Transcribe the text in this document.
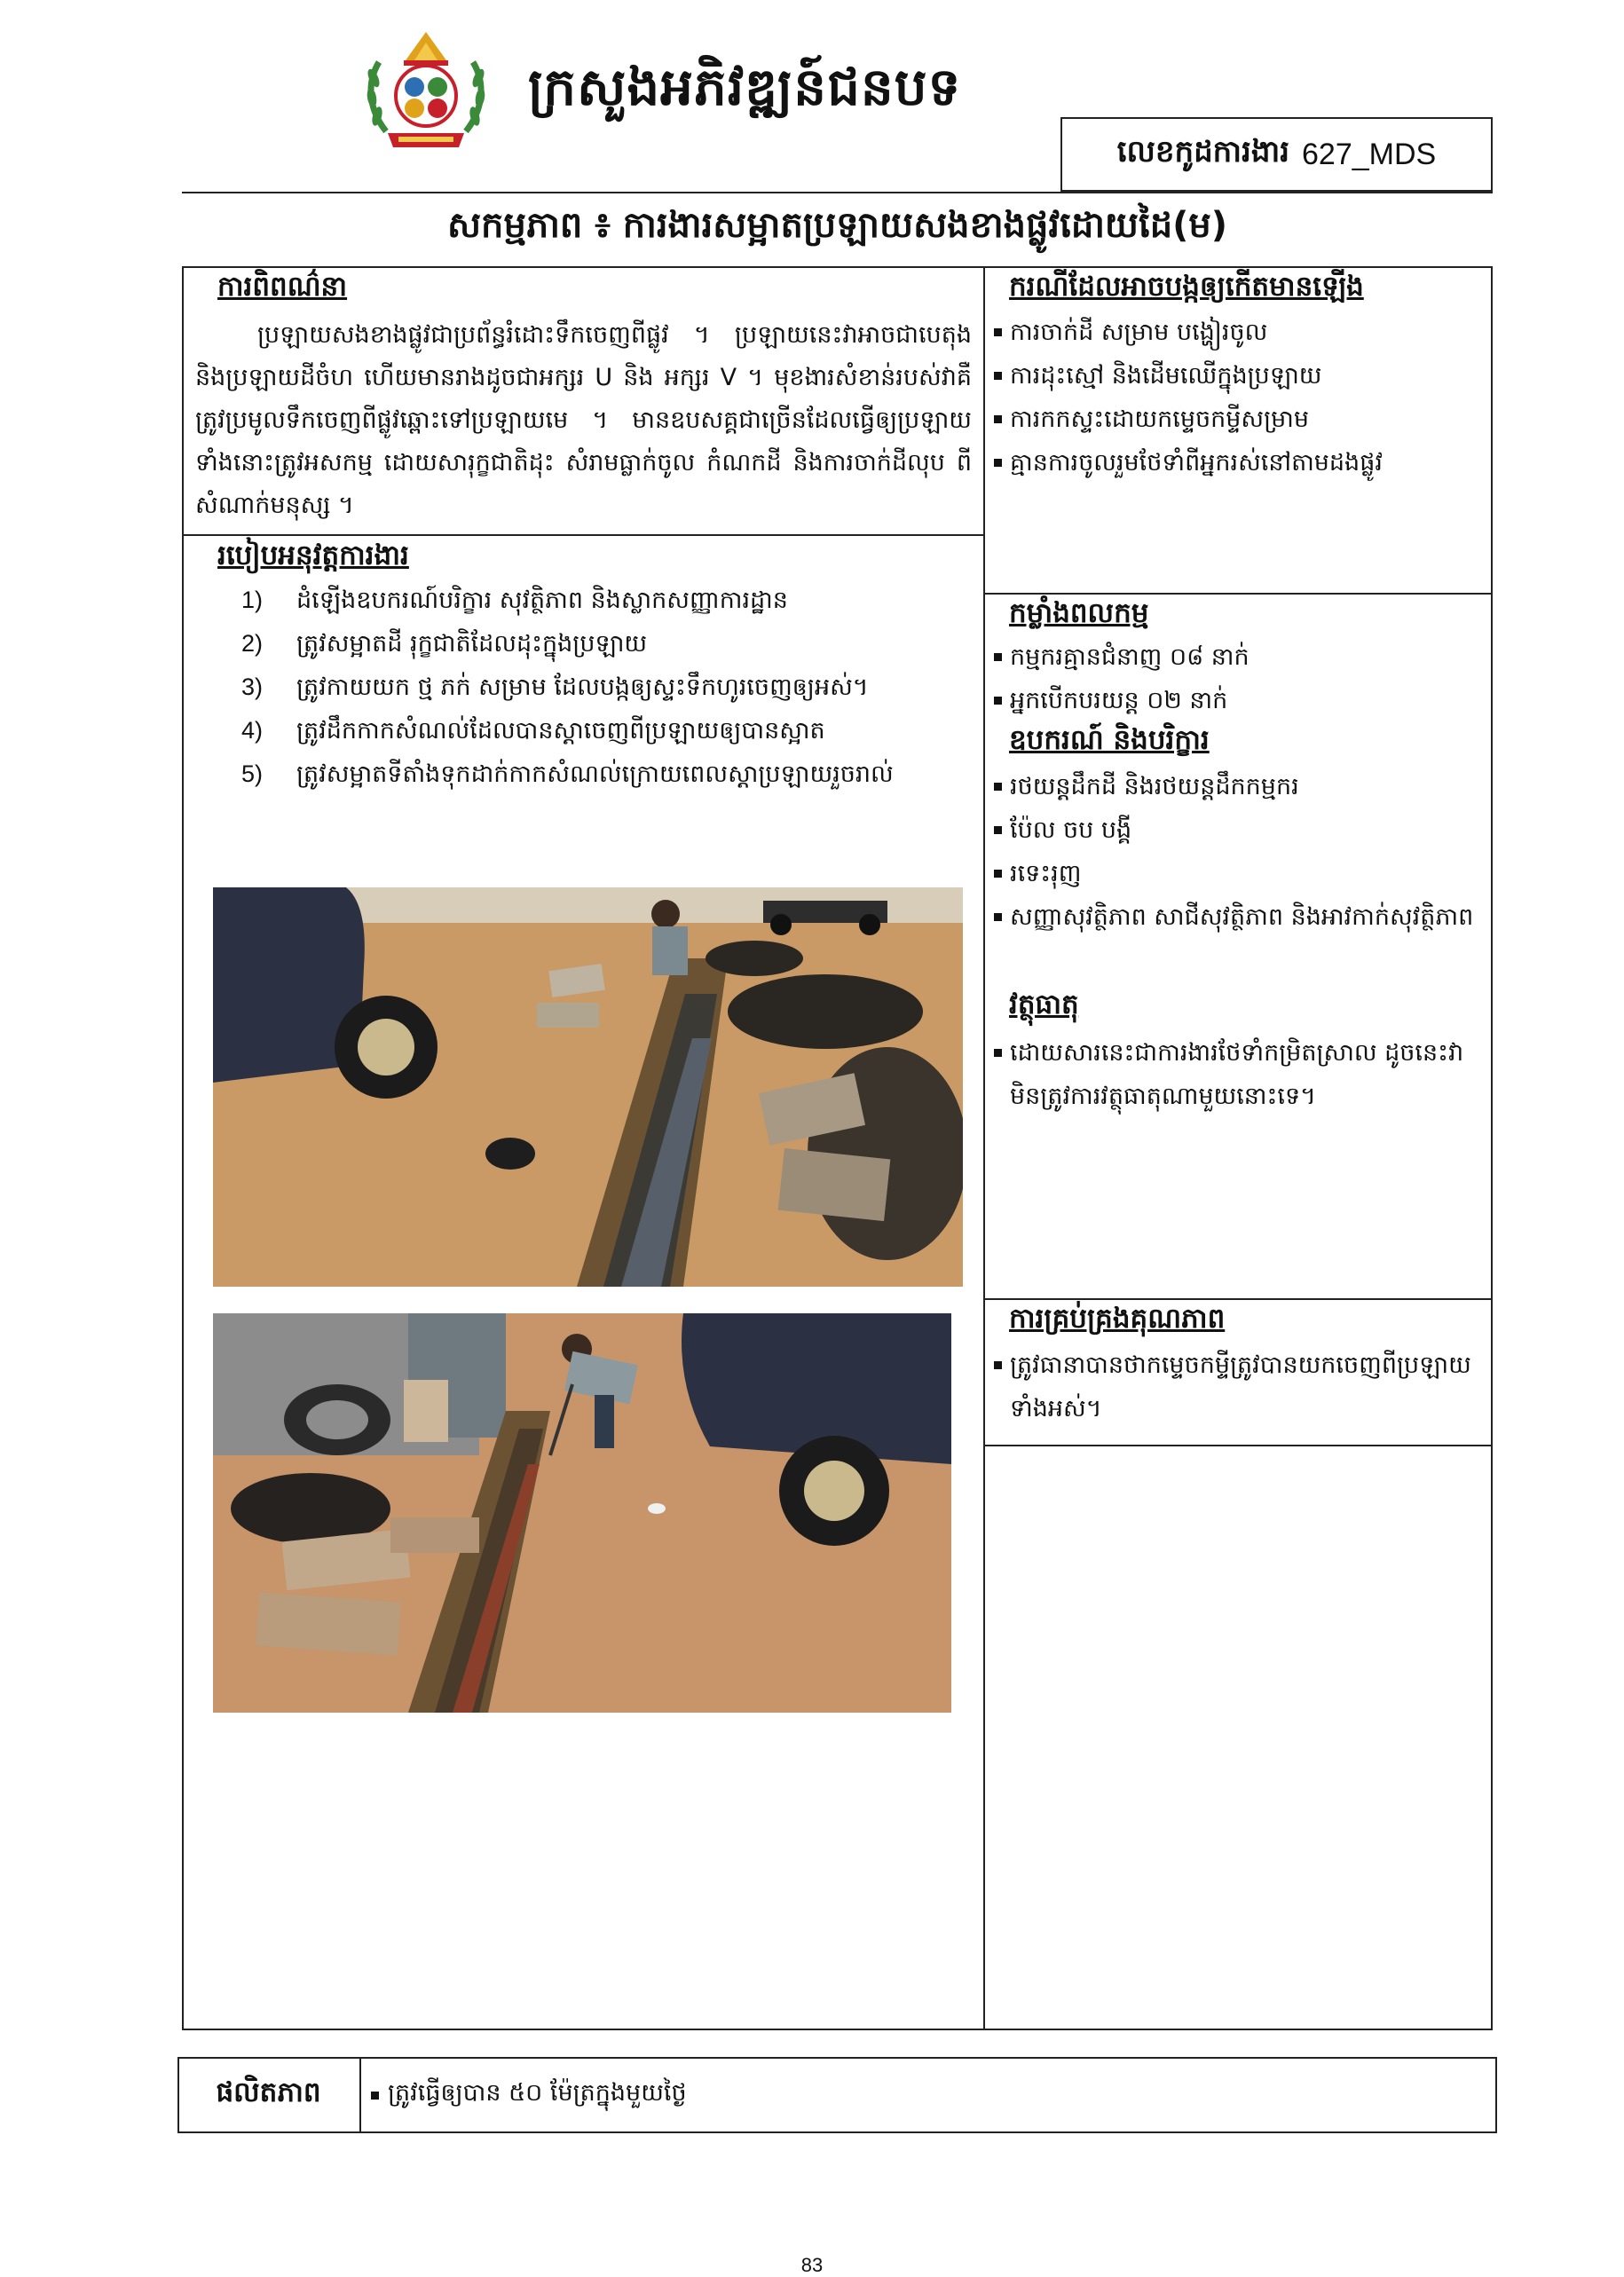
ក្រសួងអភិវឌ្ឍន៍ជនបទ
លេខកូដការងារ 627_MDS
សកម្មភាព ៖ ការងារសម្អាតប្រឡាយសងខាងផ្លូវដោយដៃ(ម)
ការពិពណ៌នា
ប្រឡាយសងខាងផ្លូវជាប្រព័ន្ធរំដោះទឹកចេញពីផ្លូវ ។ ប្រឡាយនេះវាអាចជាបេតុង និងប្រឡាយដីចំហ ហើយមានរាងដូចជាអក្សរ U និង អក្សរ V ។ មុខងារសំខាន់របស់វាគឺត្រូវប្រមូលទឹកចេញពីផ្លូវឆ្ពោះទៅប្រឡាយមេ ។ មានឧបសគ្គជាច្រើនដែលធ្វើឲ្យប្រឡាយទាំងនោះត្រូវអសកម្ម ដោយសារុក្ខជាតិដុះ សំរាមធ្លាក់ចូល កំណកដី និងការចាក់ដីលុប ពីសំណាក់មនុស្ស ។
របៀបអនុវត្តការងារ
1)	ដំឡើងឧបករណ៍បរិក្ខារ សុវត្ថិភាព និងស្លាកសញ្ញាការដ្ឋាន
2)	ត្រូវសម្អាតដី រុក្ខជាតិដែលដុះក្នុងប្រឡាយ
3)	ត្រូវកាយយក ថ្ម ភក់ សម្រាម ដែលបង្កឲ្យស្ទះទឹកហូរចេញឲ្យអស់។
4)	ត្រូវដឹកកាកសំណល់ដែលបានស្តាចេញពីប្រឡាយឲ្យបានស្អាត
5)	ត្រូវសម្អាតទីតាំងទុកដាក់កាកសំណល់ក្រោយពេលស្តាប្រឡាយរួចរាល់
ករណីដែលអាចបង្កឲ្យកើតមានឡើង
ការចាក់ដី សម្រាម បង្ហៀរចូល
ការដុះស្មៅ និងដើមឈើក្នុងប្រឡាយ
ការកកស្ទះដោយកម្ទេចកម្ទីសម្រាម
គ្មានការចូលរួមថែទាំពីអ្នករស់នៅតាមដងផ្លូវ
កម្លាំងពលកម្ម
កម្មករគ្មានជំនាញ ០៨ នាក់
អ្នកបើកបរយន្ត ០២ នាក់
ឧបករណ៍ និងបរិក្ខារ
រថយន្តដឹកដី និងរថយន្តដឹកកម្មករ
ប៉ែល ចប បង្គី
រទេះរុញ
សញ្ញាសុវត្ថិភាព សាជីសុវត្ថិភាព និងអាវកាក់សុវត្ថិភាព
វត្ថុធាតុ
ដោយសារនេះជាការងារថែទាំកម្រិតស្រាល ដូចនេះវាមិនត្រូវការវត្ថុធាតុណាមួយនោះទេ។
ការគ្រប់គ្រងគុណភាព
ត្រូវធានាបានថាកម្ទេចកម្ទីត្រូវបានយកចេញពីប្រឡាយទាំងអស់។
ផលិតភាព	ត្រូវធ្វើឲ្យបាន ៥០ ម៉ែត្រក្នុងមួយថ្ងៃ
83
